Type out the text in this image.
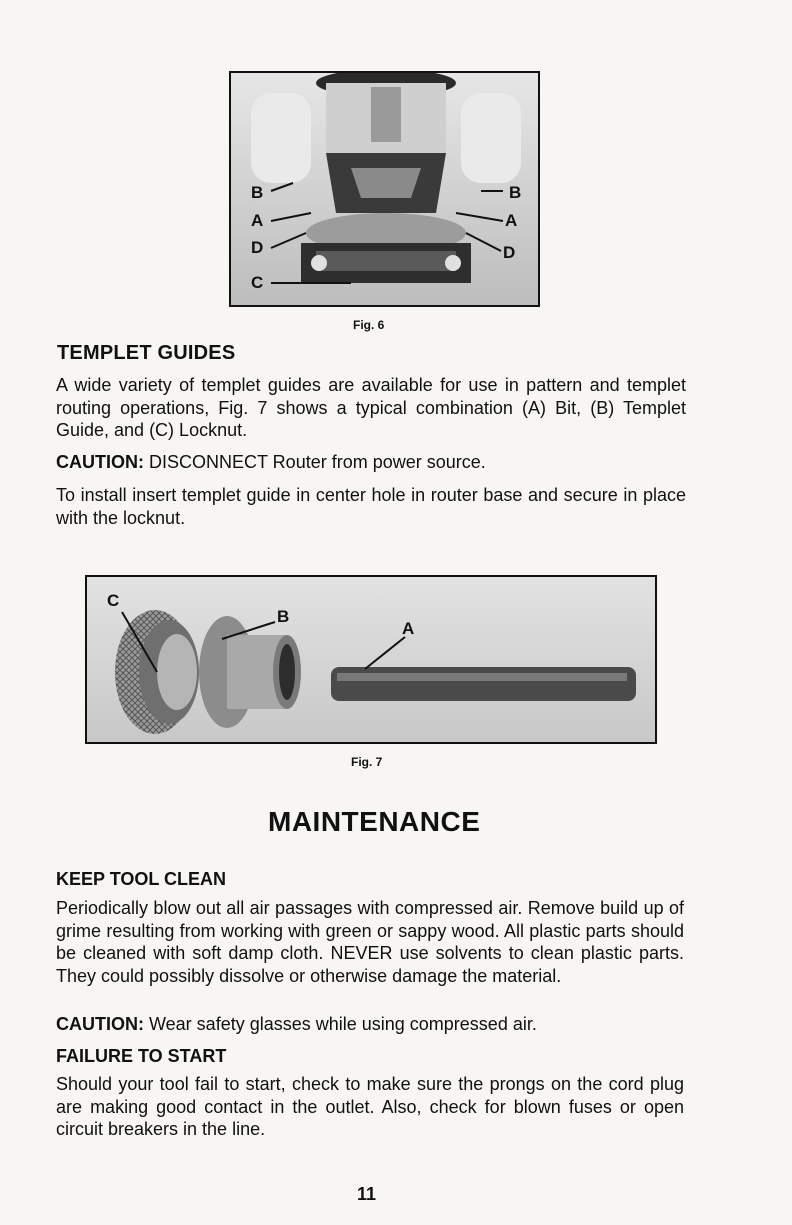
B
A
D
C
B
A
D
Fig. 6
TEMPLET GUIDES

A wide variety of templet guides are available for use in pattern and templet routing operations, Fig. 7 shows a typical combination (A) Bit, (B) Templet Guide, and (C) Locknut.

CAUTION: DISCONNECT Router from power source.

To install insert templet guide in center hole in router base and secure in place with the locknut.

C
B
A
Fig. 7
MAINTENANCE
KEEP TOOL CLEAN

Periodically blow out all air passages with compressed air. Remove build up of grime resulting from working with green or sappy wood. All plastic parts should be cleaned with soft damp cloth. NEVER use solvents to clean plastic parts. They could possibly dissolve or otherwise damage the material.

CAUTION: Wear safety glasses while using compressed air.

FAILURE TO START

Should your tool fail to start, check to make sure the prongs on the cord plug are making good contact in the outlet. Also, check for blown fuses or open circuit breakers in the line.

11
